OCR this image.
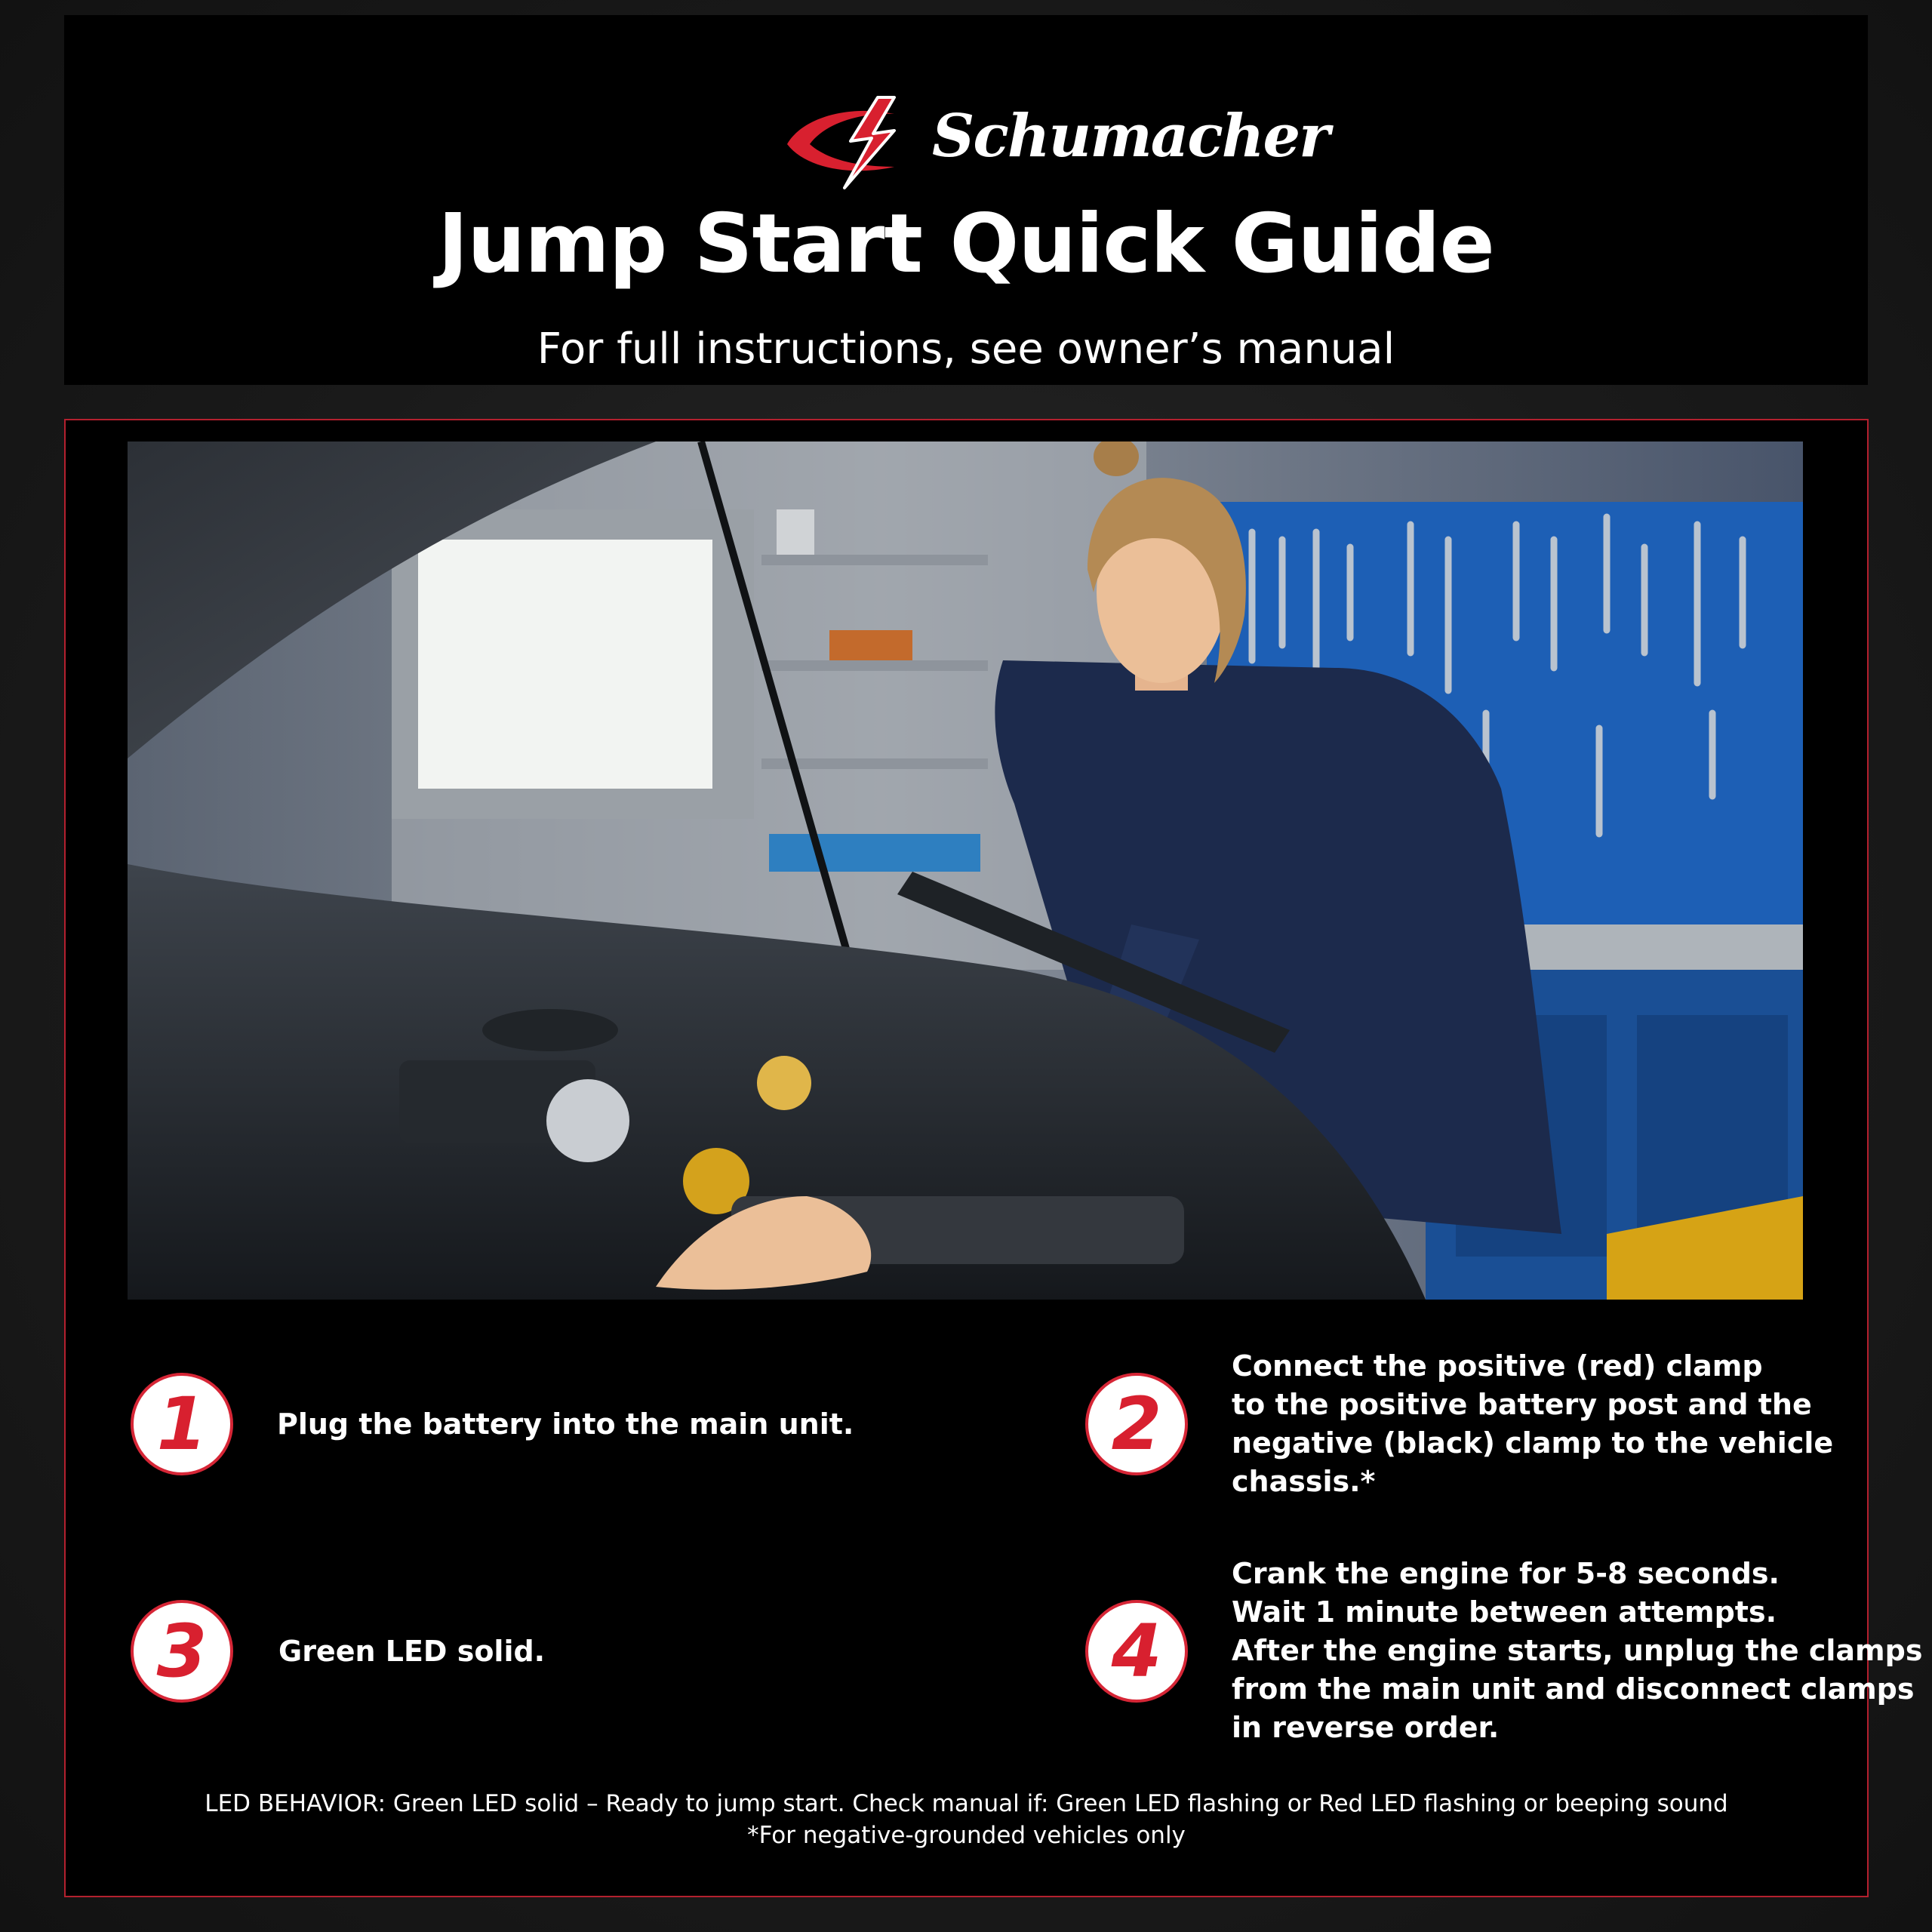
Schumacher
Jump Start Quick Guide
For full instructions, see owner’s manual
1 Plug the battery into the main unit.	2
Connect the positive (red) clamp
to the positive battery post and the
negative (black) clamp to the vehicle
chassis.*
3 Green LED solid.	4
Crank the engine for 5-8 seconds.
Wait 1 minute between attempts.
After the engine starts, unplug the clamps
from the main unit and disconnect clamps
in reverse order.
LED BEHAVIOR: Green LED solid – Ready to jump start. Check manual if: Green LED flashing or Red LED flashing or beeping sound
*For negative-grounded vehicles only
